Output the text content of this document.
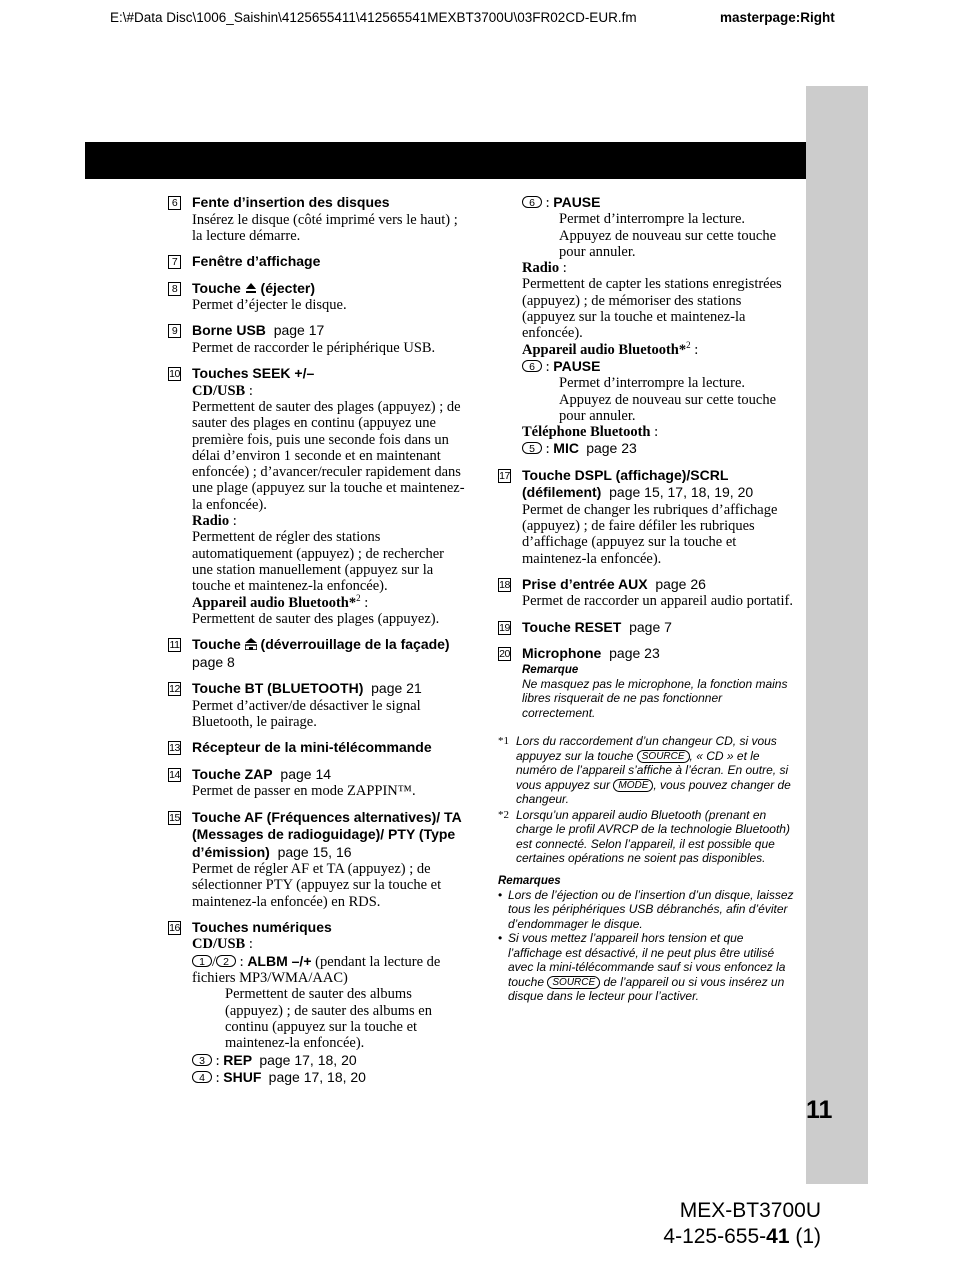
E:\#Data Disc\1006_Saishin\4125655411\412565541MEXBT3700U\03FR02CD-EUR.fm	masterpage:Right
11
MEX-BT3700U
4-125-655-41 (1)
6 Fente d’insertion des disques
Insérez le disque (côté imprimé vers le haut) ; la lecture démarre.
7 Fenêtre d’affichage
8 Touche  (éjecter)
Permet d’éjecter le disque.
9 Borne USB page 17
Permet de raccorder le périphérique USB.
10 Touches SEEK +/–
CD/USB :
Permettent de sauter des plages (appuyez) ; de sauter des plages en continu (appuyez une première fois, puis une seconde fois dans un délai d’environ 1 seconde et en maintenant enfoncée) ; d’avancer/reculer rapidement dans une plage (appuyez sur la touche et maintenez-la enfoncée).
Radio :
Permettent de régler des stations automatiquement (appuyez) ; de rechercher une station manuellement (appuyez sur la touche et maintenez-la enfoncée).
Appareil audio Bluetooth*$^2$ :
Permettent de sauter des plages (appuyez).
11 Touche  (déverrouillage de la façade)  page 8
12 Touche BT (BLUETOOTH) page 21
Permet d’activer/de désactiver le signal Bluetooth, le pairage.
13 Récepteur de la mini-télécommande
14 Touche ZAP page 14
Permet de passer en mode ZAPPIN™.
15 Touche AF (Fréquences alternatives)/ TA (Messages de radioguidage)/ PTY (Type d’émission) page 15, 16
Permet de régler AF et TA (appuyez) ; de sélectionner PTY (appuyez sur la touche et maintenez-la enfoncée) en RDS.
16 Touches numériques
CD/USB :
1 / 2 : ALBM –/+ (pendant la lecture de fichiers MP3/WMA/AAC)
Permettent de sauter des albums (appuyez) ; de sauter des albums en continu (appuyez sur la touche et maintenez-la enfoncée).
3 : REP page 17, 18, 20
4 : SHUF page 17, 18, 20
6 : PAUSE
Permet d’interrompre la lecture. Appuyez de nouveau sur cette touche pour annuler.
Radio :
Permettent de capter les stations enregistrées (appuyez) ; de mémoriser des stations (appuyez sur la touche et maintenez-la enfoncée).
Appareil audio Bluetooth*$^2$ :
6 : PAUSE
Permet d’interrompre la lecture. Appuyez de nouveau sur cette touche pour annuler.
Téléphone Bluetooth :
5 : MIC page 23
17 Touche DSPL (affichage)/SCRL (défilement) page 15, 17, 18, 19, 20
Permet de changer les rubriques d’affichage (appuyez) ; de faire défiler les rubriques d’affichage (appuyez sur la touche et maintenez-la enfoncée).
18 Prise d’entrée AUX page 26
Permet de raccorder un appareil audio portatif.
19 Touche RESET page 7
20 Microphone page 23
Remarque
Ne masquez pas le microphone, la fonction mains libres risquerait de ne pas fonctionner correctement.
*1 Lors du raccordement d’un changeur CD, si vous appuyez sur la touche SOURCE , « CD » et le numéro de l’appareil s’affiche à l’écran. En outre, si vous appuyez sur MODE , vous pouvez changer de changeur.
*2 Lorsqu’un appareil audio Bluetooth (prenant en charge le profil AVRCP de la technologie Bluetooth) est connecté. Selon l’appareil, il est possible que certaines opérations ne soient pas disponibles.
Remarques
• Lors de l’éjection ou de l’insertion d’un disque, laissez tous les périphériques USB débranchés, afin d’éviter d’endommager le disque.
• Si vous mettez l’appareil hors tension et que l’affichage est désactivé, il ne peut plus être utilisé avec la mini-télécommande sauf si vous enfoncez la touche SOURCE de l’appareil ou si vous insérez un disque dans le lecteur pour l’activer.
